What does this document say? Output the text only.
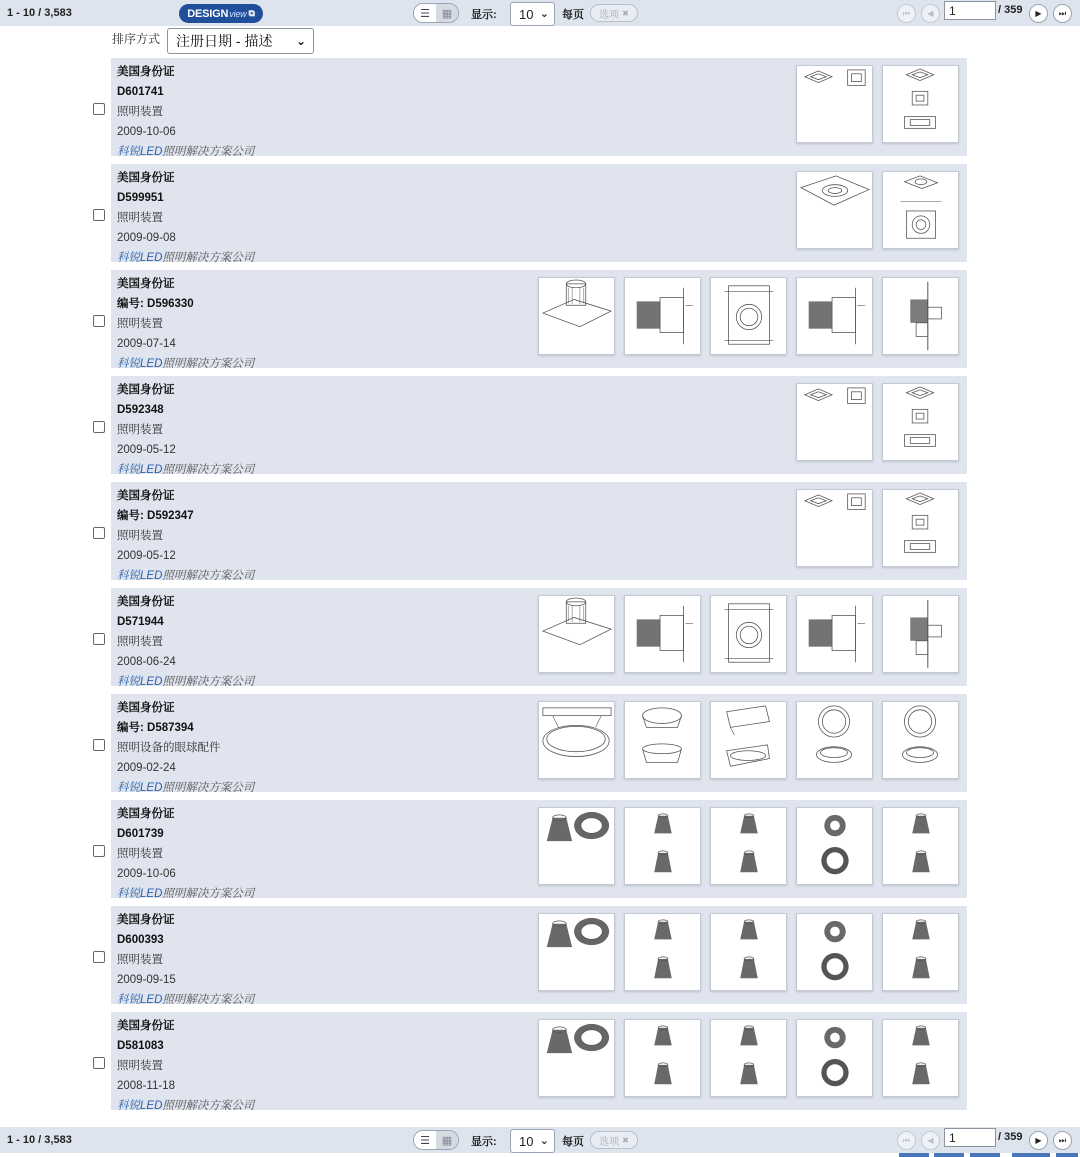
1 - 10 / 3,583	DESIGN view ⧉	☰	▦	显示: 10 ⌄ 每页 选项 ✖	⏮ ◀ 1	/ 359 ▶ ⏭
排序方式 注册日期 - 描述 ⌄
美国身份证
D601741
照明装置
2009-10-06
科锐LED照明解决方案公司
美国身份证
D599951
照明装置
2009-09-08
科锐LED照明解决方案公司
美国身份证
编号: D596330
照明装置
2009-07-14
科锐LED照明解决方案公司
美国身份证
D592348
照明装置
2009-05-12
科锐LED照明解决方案公司
美国身份证
编号: D592347
照明装置
2009-05-12
科锐LED照明解决方案公司
美国身份证
D571944
照明装置
2008-06-24
科锐LED照明解决方案公司
美国身份证
编号: D587394
照明设备的眼球配件
2009-02-24
科锐LED照明解决方案公司
美国身份证
D601739
照明装置
2009-10-06
科锐LED照明解决方案公司
美国身份证
D600393
照明装置
2009-09-15
科锐LED照明解决方案公司
美国身份证
D581083
照明装置
2008-11-18
科锐LED照明解决方案公司
1 - 10 / 3,583	☰	▦	显示: 10 ⌄ 每页 选项 ✖	⏮ ◀ 1	/ 359 ▶ ⏭
